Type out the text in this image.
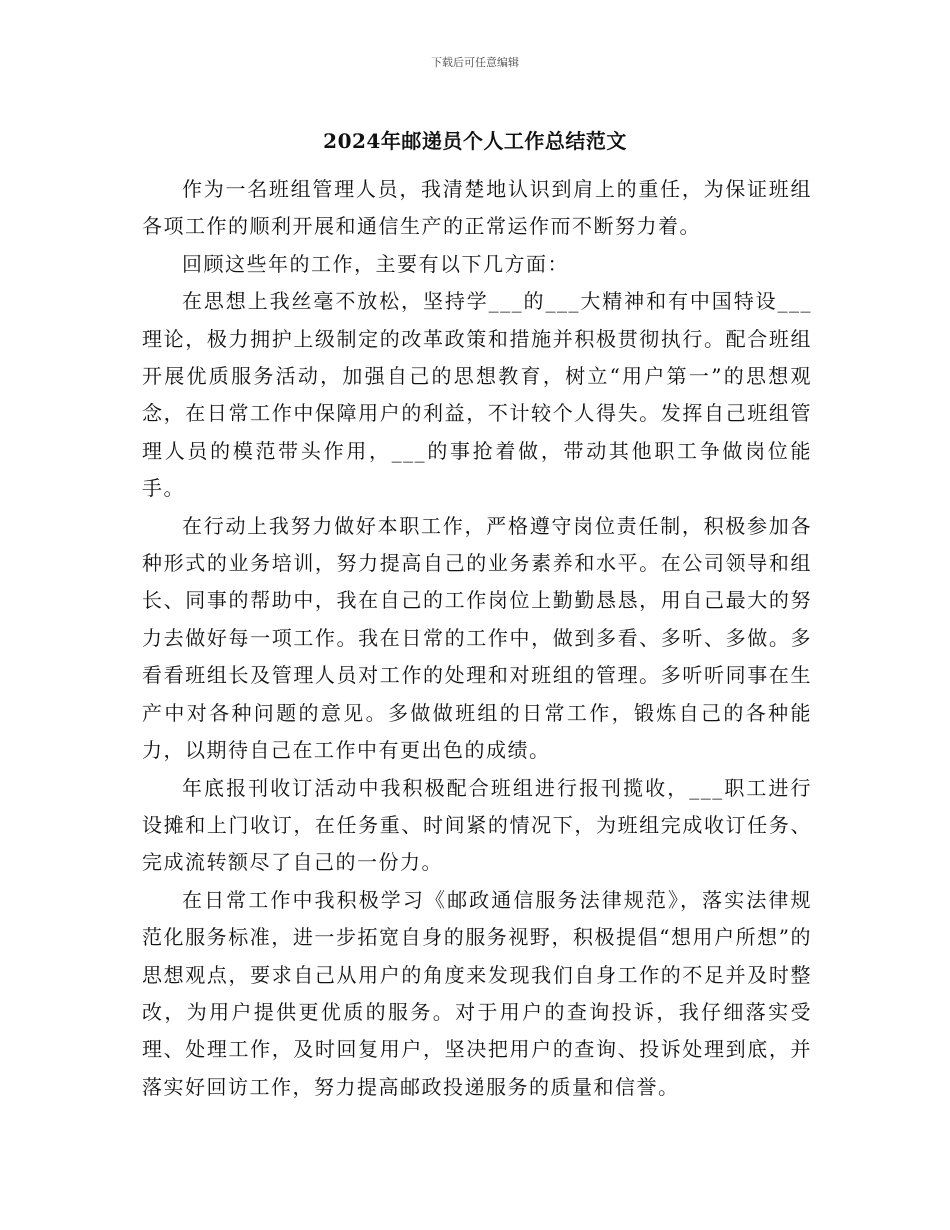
下载后可任意编辑
2024年邮递员个人工作总结范文

作为一名班组管理人员，我清楚地认识到肩上的重任，为保证班组各项工作的顺利开展和通信生产的正常运作而不断努力着。

回顾这些年的工作，主要有以下几方面：

在思想上我丝毫不放松，坚持学___的___大精神和有中国特设___理论，极力拥护上级制定的改革政策和措施并积极贯彻执行。配合班组开展优质服务活动，加强自己的思想教育，树立“用户第一”的思想观念，在日常工作中保障用户的利益，不计较个人得失。发挥自己班组管理人员的模范带头作用，___的事抢着做，带动其他职工争做岗位能手。

在行动上我努力做好本职工作，严格遵守岗位责任制，积极参加各种形式的业务培训，努力提高自己的业务素养和水平。在公司领导和组长、同事的帮助中，我在自己的工作岗位上勤勤恳恳，用自己最大的努力去做好每一项工作。我在日常的工作中，做到多看、多听、多做。多看看班组长及管理人员对工作的处理和对班组的管理。多听听同事在生产中对各种问题的意见。多做做班组的日常工作，锻炼自己的各种能力，以期待自己在工作中有更出色的成绩。

年底报刊收订活动中我积极配合班组进行报刊揽收，___职工进行设摊和上门收订，在任务重、时间紧的情况下，为班组完成收订任务、完成流转额尽了自己的一份力。

在日常工作中我积极学习《邮政通信服务法律规范》，落实法律规范化服务标准，进一步拓宽自身的服务视野，积极提倡“想用户所想”的思想观点，要求自己从用户的角度来发现我们自身工作的不足并及时整改，为用户提供更优质的服务。对于用户的查询投诉，我仔细落实受理、处理工作，及时回复用户，坚决把用户的查询、投诉处理到底，并落实好回访工作，努力提高邮政投递服务的质量和信誉。
